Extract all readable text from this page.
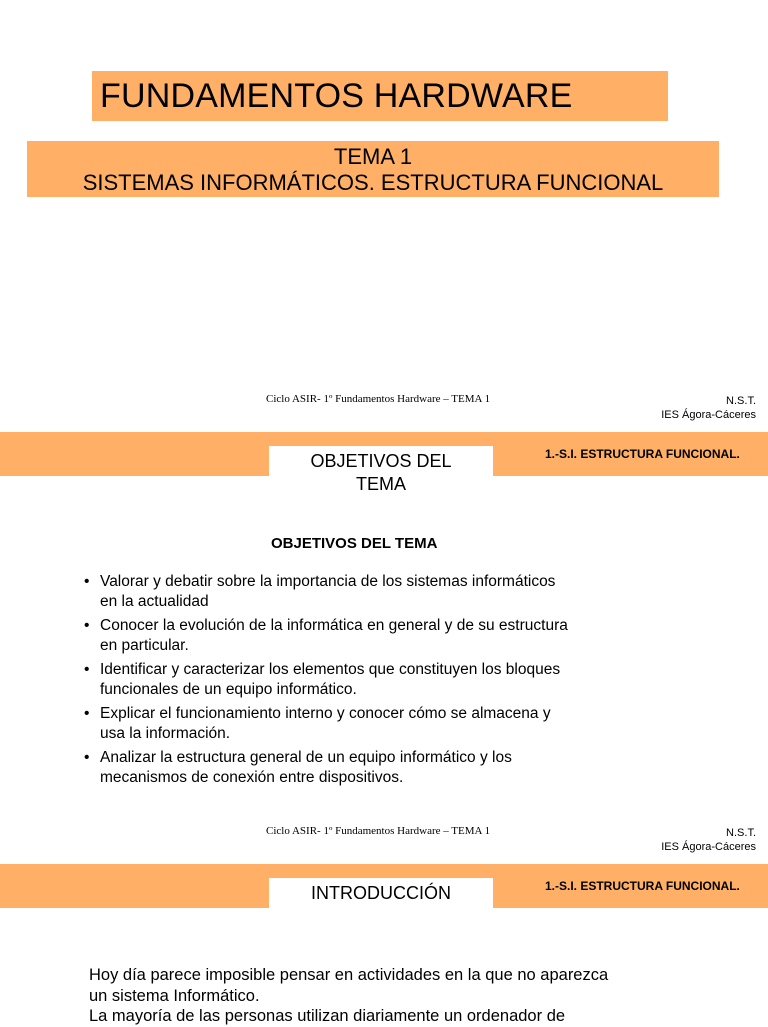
FUNDAMENTOS HARDWARE
TEMA 1
SISTEMAS INFORMÁTICOS. ESTRUCTURA FUNCIONAL
Ciclo ASIR- 1º Fundamentos Hardware – TEMA 1	N.S.T.
IES Ágora-Cáceres
OBJETIVOS DEL
TEMA
1.-S.I. ESTRUCTURA FUNCIONAL.
OBJETIVOS DEL TEMA
• Valorar y debatir sobre la importancia de los sistemas informáticos
en la actualidad
• Conocer la evolución de la informática en general y de su estructura
en particular.
• Identificar y caracterizar los elementos que constituyen los bloques
funcionales de un equipo informático.
• Explicar el funcionamiento interno y conocer cómo se almacena y
usa la información.
• Analizar la estructura general de un equipo informático y los
mecanismos de conexión entre dispositivos.
Ciclo ASIR- 1º Fundamentos Hardware – TEMA 1	N.S.T.
IES Ágora-Cáceres
INTRODUCCIÓN	1.-S.I. ESTRUCTURA FUNCIONAL.
Hoy día parece imposible pensar en actividades en la que no aparezca
un sistema Informático.
La mayoría de las personas utilizan diariamente un ordenador de
